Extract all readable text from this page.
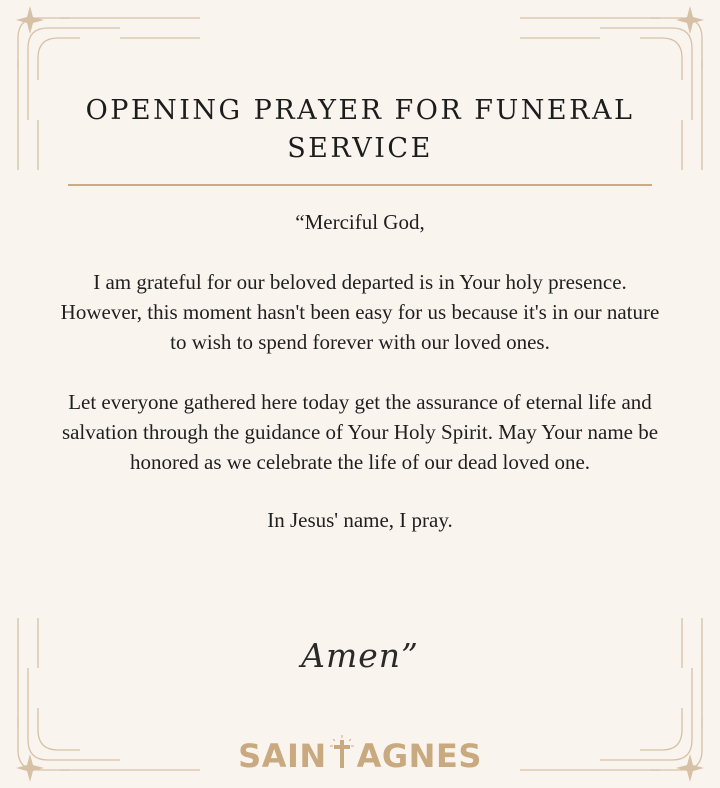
OPENING PRAYER FOR FUNERAL SERVICE

“Merciful God,

I am grateful for our beloved departed is in Your holy presence. However, this moment hasn't been easy for us because it's in our nature to wish to spend forever with our loved ones.

Let everyone gathered here today get the assurance of eternal life and salvation through the guidance of Your Holy Spirit. May Your name be honored as we celebrate the life of our dead loved one.

In Jesus' name, I pray.

Amen”
SAIN AGNES
